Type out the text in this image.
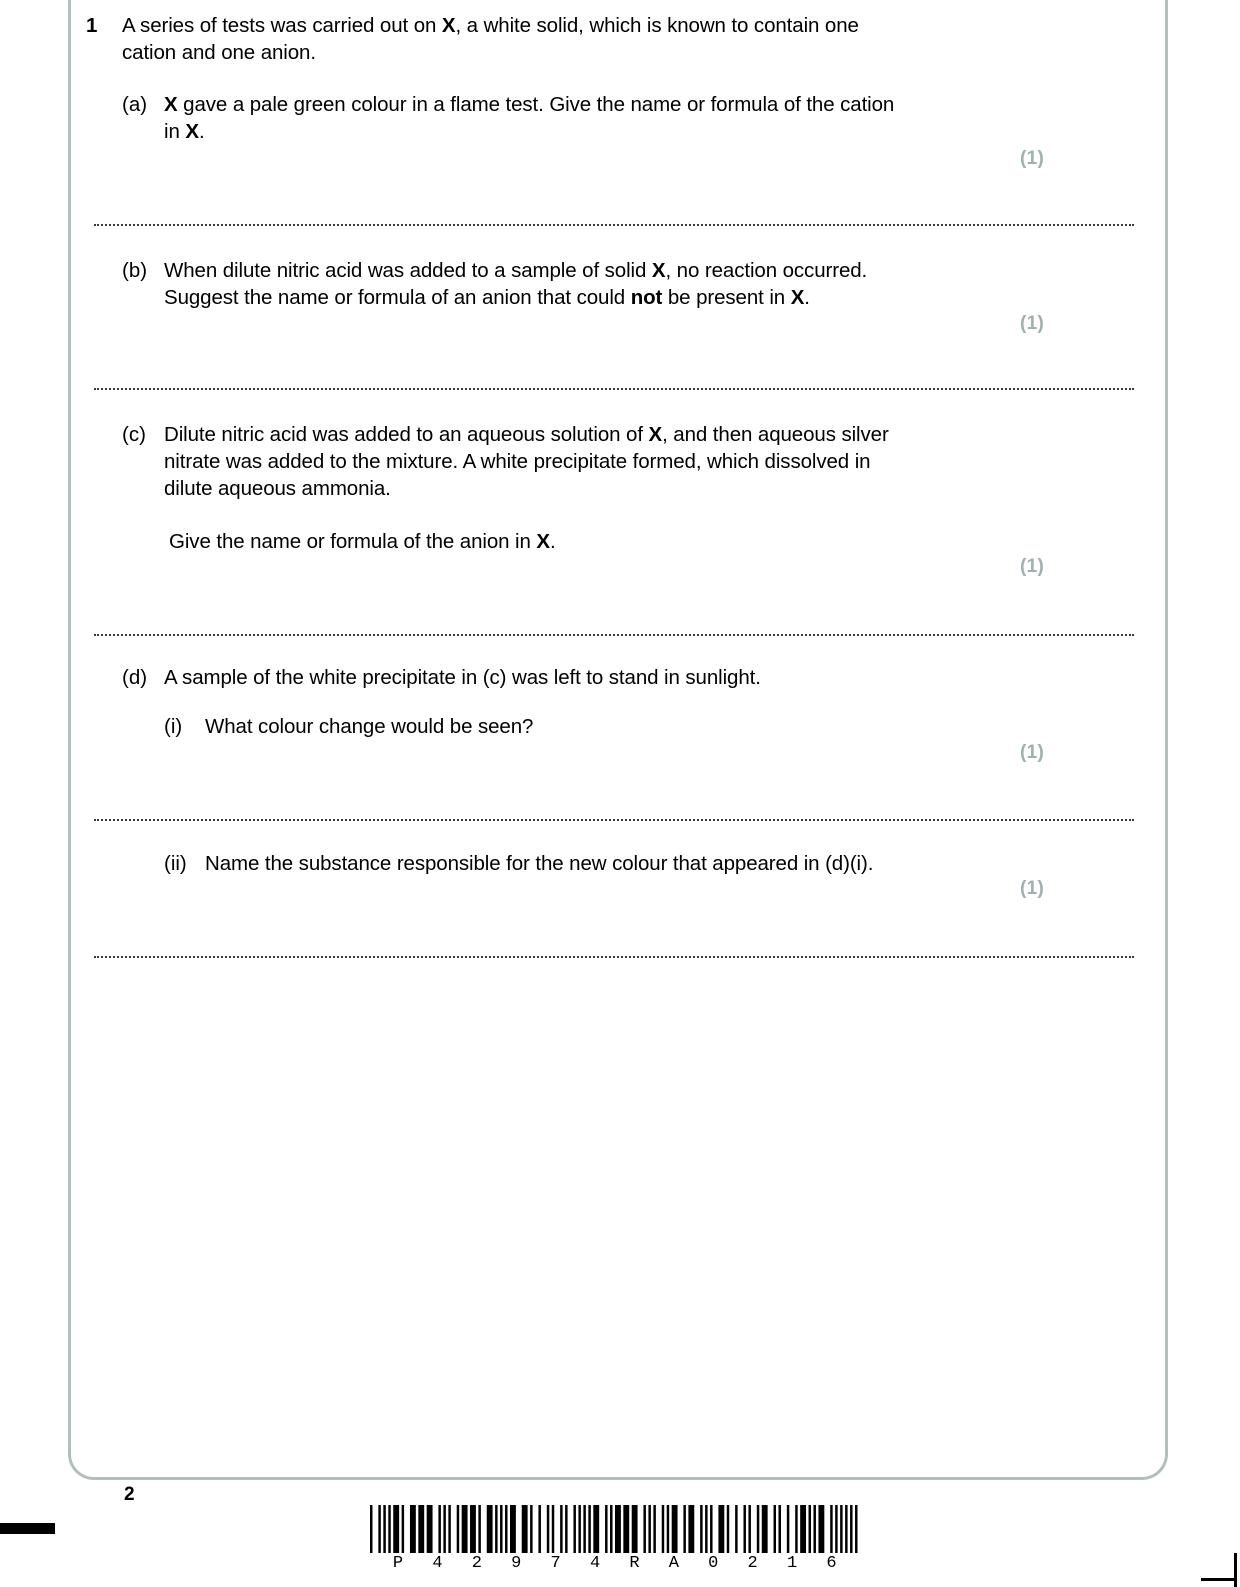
1 A series of tests was carried out on X, a white solid, which is known to contain one
cation and one anion.
(a) X gave a pale green colour in a flame test. Give the name or formula of the cation
in X.
(1)
(b) When dilute nitric acid was added to a sample of solid X, no reaction occurred.
Suggest the name or formula of an anion that could not be present in X.
(1)
(c) Dilute nitric acid was added to an aqueous solution of X, and then aqueous silver
nitrate was added to the mixture. A white precipitate formed, which dissolved in
dilute aqueous ammonia.
Give the name or formula of the anion in X.
(1)
(d) A sample of the white precipitate in (c) was left to stand in sunlight.
(i) What colour change would be seen?
(1)
(ii) Name the substance responsible for the new colour that appeared in (d)(i).
(1)
2
P 4 2 9 7 4 R A 0 2 1 6
